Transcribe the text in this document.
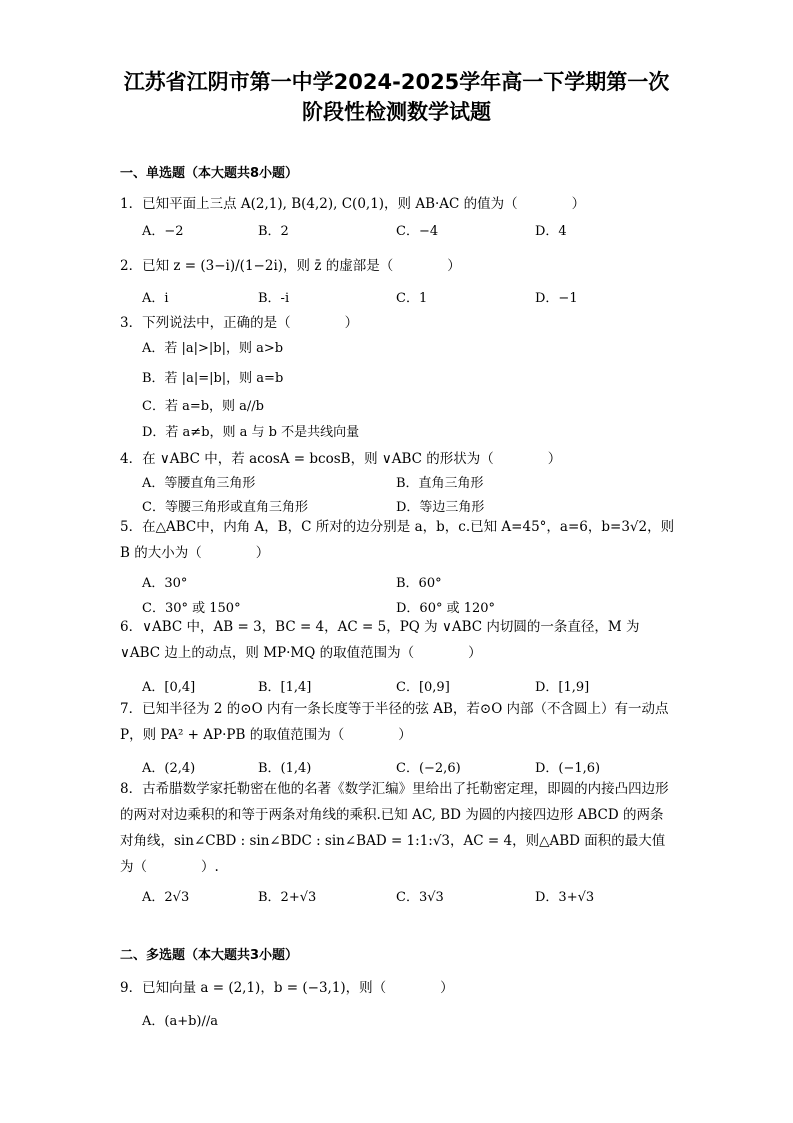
江苏省江阴市第一中学2024-2025学年高一下学期第一次
阶段性检测数学试题
一、单选题（本大题共8小题）
1．已知平面上三点 A(2,1), B(4,2), C(0,1)，则 AB·AC 的值为（　　　　）
A．−2	B．2	C．−4	D．4
2．已知 z = (3−i)/(1−2i)，则 z̄ 的虚部是（　　　　）
A．i	B．-i	C．1	D．−1
3．下列说法中，正确的是（　　　　）
A．若 |a|>|b|，则 a>b
B．若 |a|=|b|，则 a=b
C．若 a=b，则 a//b
D．若 a≠b，则 a 与 b 不是共线向量
4．在 ∨ABC 中，若 acosA = bcosB，则 ∨ABC 的形状为（　　　　）
A．等腰直角三角形	B．直角三角形
C．等腰三角形或直角三角形	D．等边三角形
5．在△ABC中，内角 A，B，C 所对的边分别是 a，b，c.已知 A=45°，a=6，b=3√2，则 B 的大小为（　　　　）
A．30°	B．60°
C．30° 或 150°	D．60° 或 120°
6．∨ABC 中，AB = 3，BC = 4，AC = 5，PQ 为 ∨ABC 内切圆的一条直径，M 为 ∨ABC 边上的动点，则 MP·MQ 的取值范围为（　　　　）
A．[0,4]	B．[1,4]	C．[0,9]	D．[1,9]
7．已知半径为 2 的⊙O 内有一条长度等于半径的弦 AB，若⊙O 内部（不含圆上）有一动点 P，则 PA² + AP·PB 的取值范围为（　　　　）
A．(2,4)	B．(1,4)	C．(−2,6)	D．(−1,6)
8．古希腊数学家托勒密在他的名著《数学汇编》里给出了托勒密定理，即圆的内接凸四边形的两对对边乘积的和等于两条对角线的乘积.已知 AC, BD 为圆的内接四边形 ABCD 的两条对角线，sin∠CBD : sin∠BDC : sin∠BAD = 1:1:√3，AC = 4，则△ABD 面积的最大值为（　　　　）.
A．2√3	B．2+√3	C．3√3	D．3+√3
二、多选题（本大题共3小题）
9．已知向量 a = (2,1)，b = (−3,1)，则（　　　　）
A．(a+b)//a
